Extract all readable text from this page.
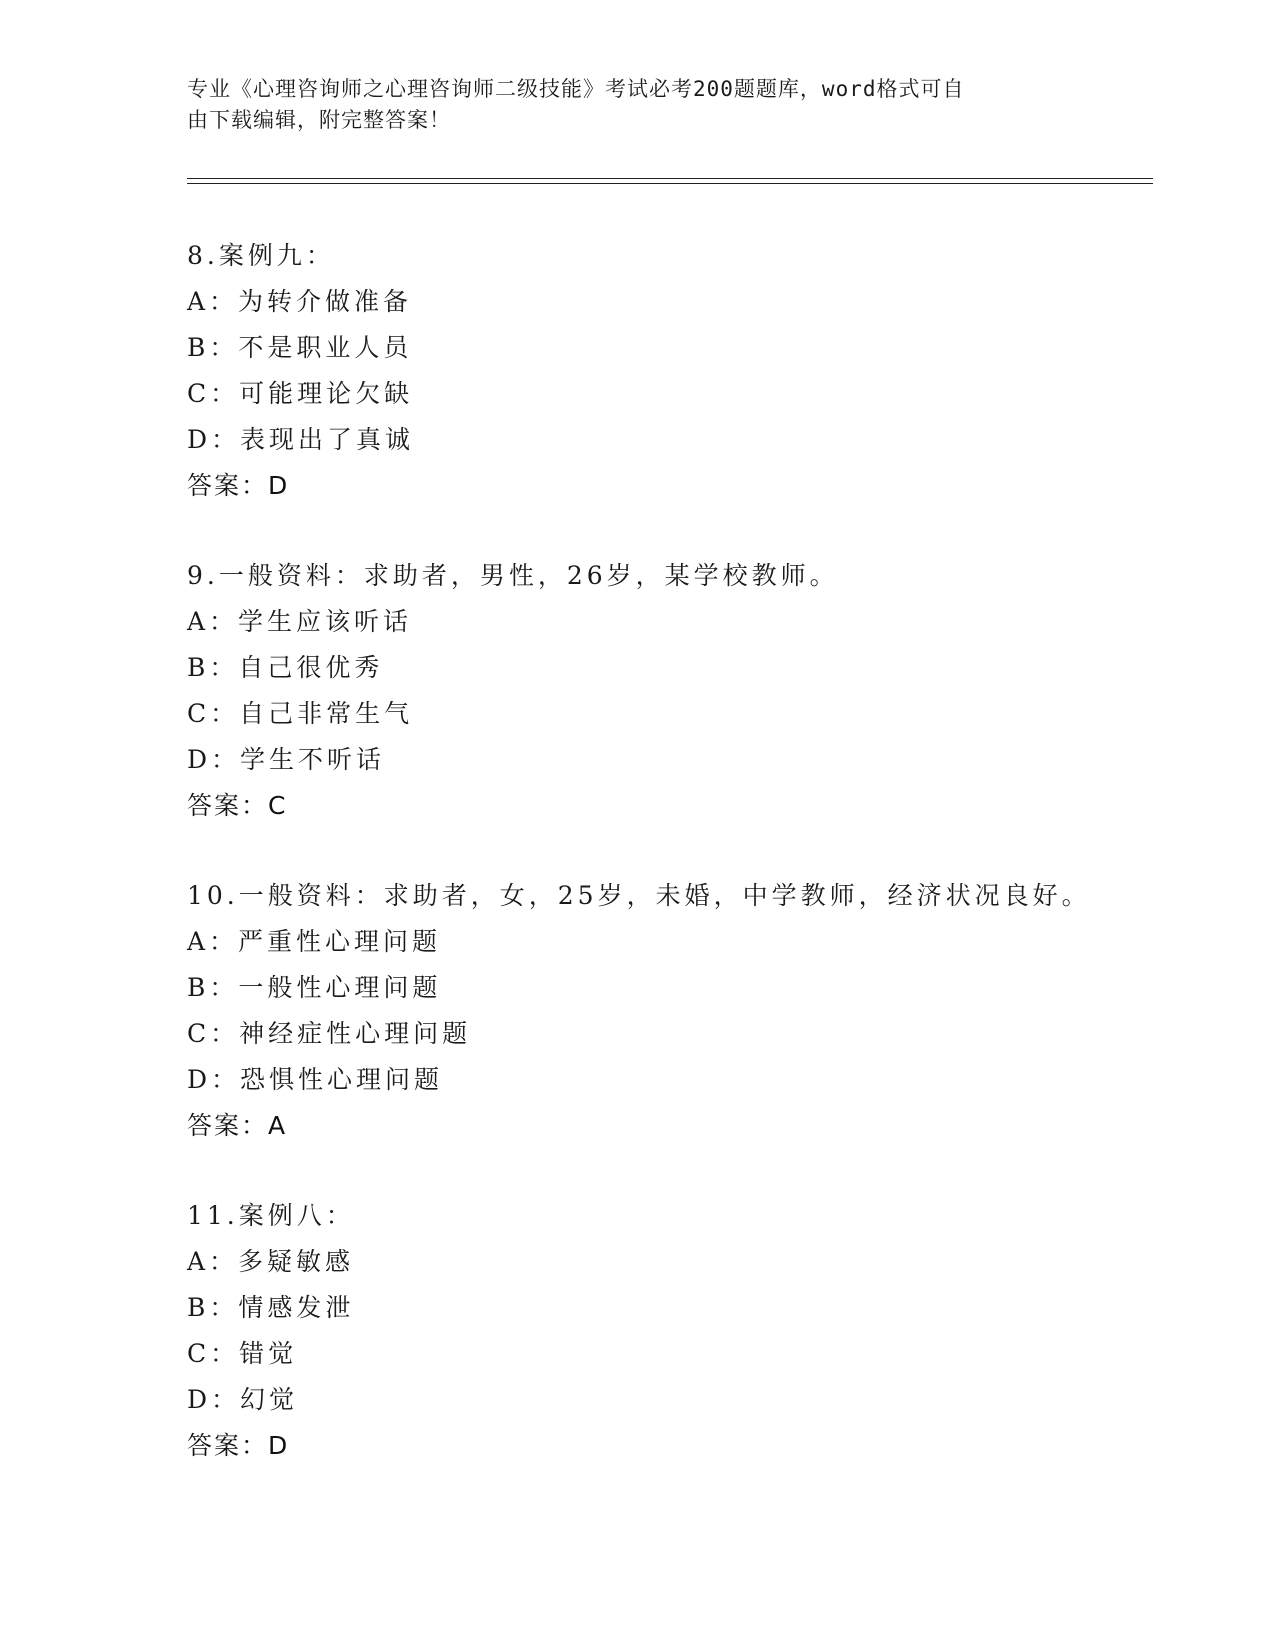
专业《心理咨询师之心理咨询师二级技能》考试必考200题题库，word格式可自
由下载编辑，附完整答案！
8.案例九：
A：为转介做准备
B：不是职业人员
C：可能理论欠缺
D：表现出了真诚
答案：D
9.一般资料：求助者，男性，26岁，某学校教师。
A：学生应该听话
B：自己很优秀
C：自己非常生气
D：学生不听话
答案：C
10.一般资料：求助者，女，25岁，未婚，中学教师，经济状况良好。
A：严重性心理问题
B：一般性心理问题
C：神经症性心理问题
D：恐惧性心理问题
答案：A
11.案例八：
A：多疑敏感
B：情感发泄
C：错觉
D：幻觉
答案：D
